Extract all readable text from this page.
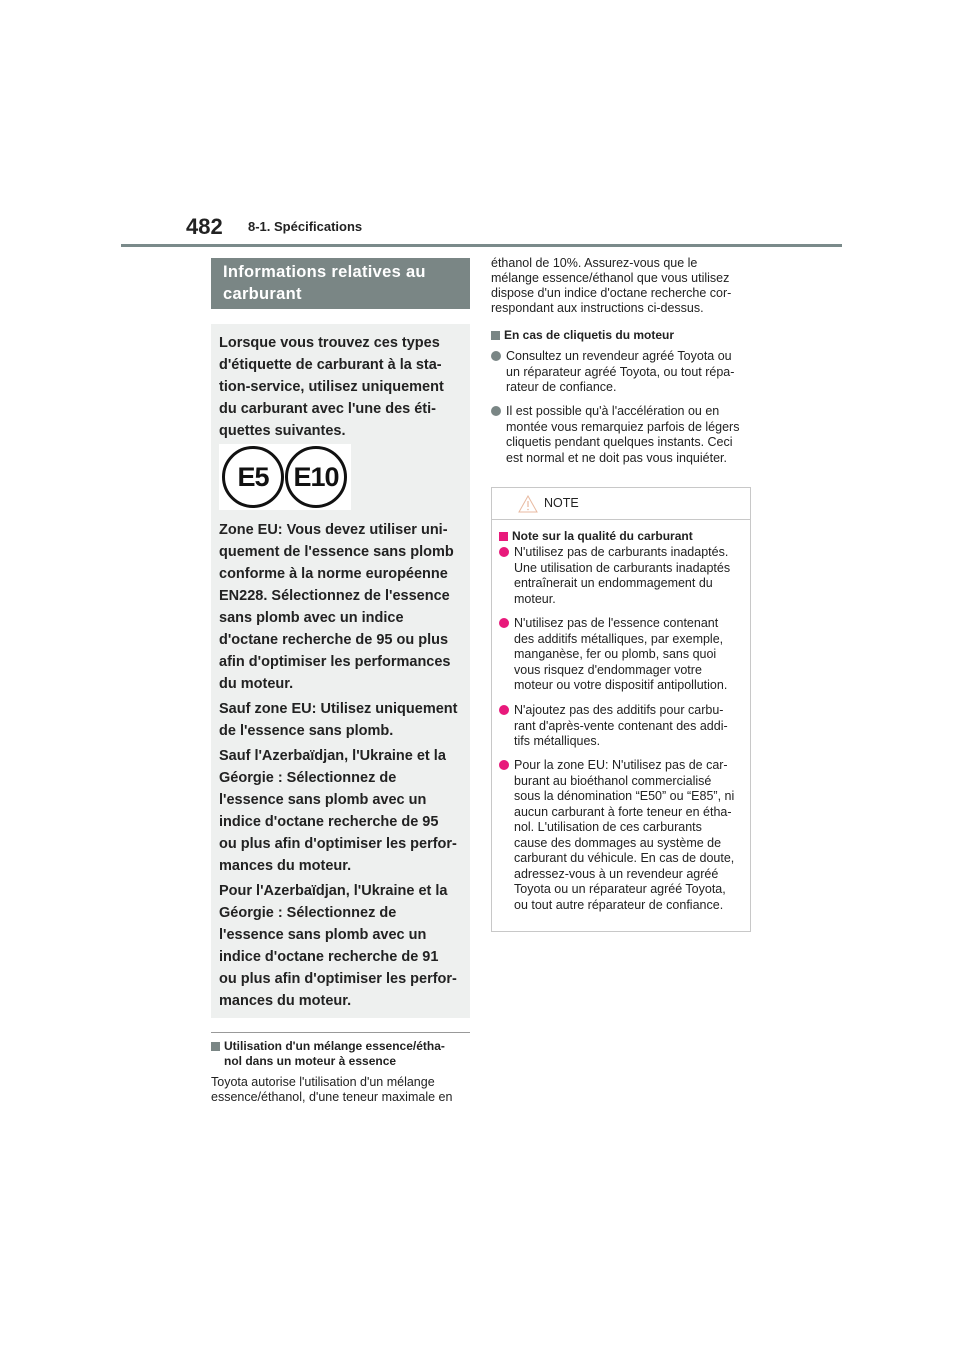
482 8-1. Spécifications
Informations relatives au carburant
Lorsque vous trouvez ces types
d'étiquette de carburant à la sta-
tion-service, utilisez uniquement
du carburant avec l'une des éti-
quettes suivantes.
E5 E10
Zone EU: Vous devez utiliser uni-
quement de l'essence sans plomb
conforme à la norme européenne
EN228. Sélectionnez de l'essence
sans plomb avec un indice
d'octane recherche de 95 ou plus
afin d'optimiser les performances
du moteur.
Sauf zone EU: Utilisez uniquement
de l'essence sans plomb.
Sauf l'Azerbaïdjan, l'Ukraine et la
Géorgie : Sélectionnez de
l'essence sans plomb avec un
indice d'octane recherche de 95
ou plus afin d'optimiser les perfor-
mances du moteur.
Pour l'Azerbaïdjan, l'Ukraine et la
Géorgie : Sélectionnez de
l'essence sans plomb avec un
indice d'octane recherche de 91
ou plus afin d'optimiser les perfor-
mances du moteur.
Utilisation d'un mélange essence/étha-
nol dans un moteur à essence
Toyota autorise l'utilisation d'un mélange
essence/éthanol, d'une teneur maximale en
éthanol de 10%. Assurez-vous que le
mélange essence/éthanol que vous utilisez
dispose d'un indice d'octane recherche cor-
respondant aux instructions ci-dessus.
En cas de cliquetis du moteur
Consultez un revendeur agréé Toyota ou
un réparateur agréé Toyota, ou tout répa-
rateur de confiance.
Il est possible qu'à l'accélération ou en
montée vous remarquiez parfois de légers
cliquetis pendant quelques instants. Ceci
est normal et ne doit pas vous inquiéter.
NOTE
Note sur la qualité du carburant
N'utilisez pas de carburants inadaptés.
Une utilisation de carburants inadaptés
entraînerait un endommagement du
moteur.
N'utilisez pas de l'essence contenant
des additifs métalliques, par exemple,
manganèse, fer ou plomb, sans quoi
vous risquez d'endommager votre
moteur ou votre dispositif antipollution.
N'ajoutez pas des additifs pour carbu-
rant d'après-vente contenant des addi-
tifs métalliques.
Pour la zone EU: N'utilisez pas de car-
burant au bioéthanol commercialisé
sous la dénomination “E50” ou “E85”, ni
aucun carburant à forte teneur en étha-
nol. L'utilisation de ces carburants
cause des dommages au système de
carburant du véhicule. En cas de doute,
adressez-vous à un revendeur agréé
Toyota ou un réparateur agréé Toyota,
ou tout autre réparateur de confiance.
